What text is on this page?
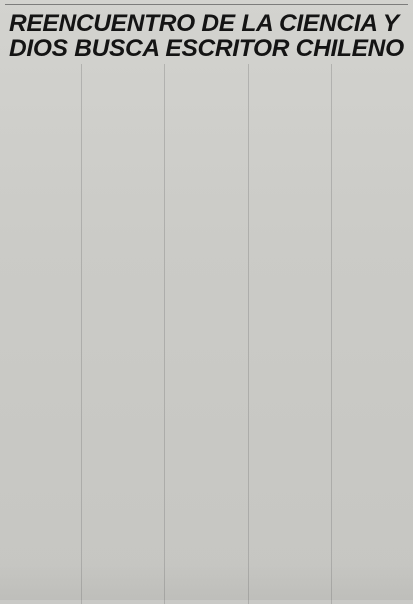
REENCUENTRO DE LA CIENCIA Y
DIOS BUSCA ESCRITOR CHILENO
